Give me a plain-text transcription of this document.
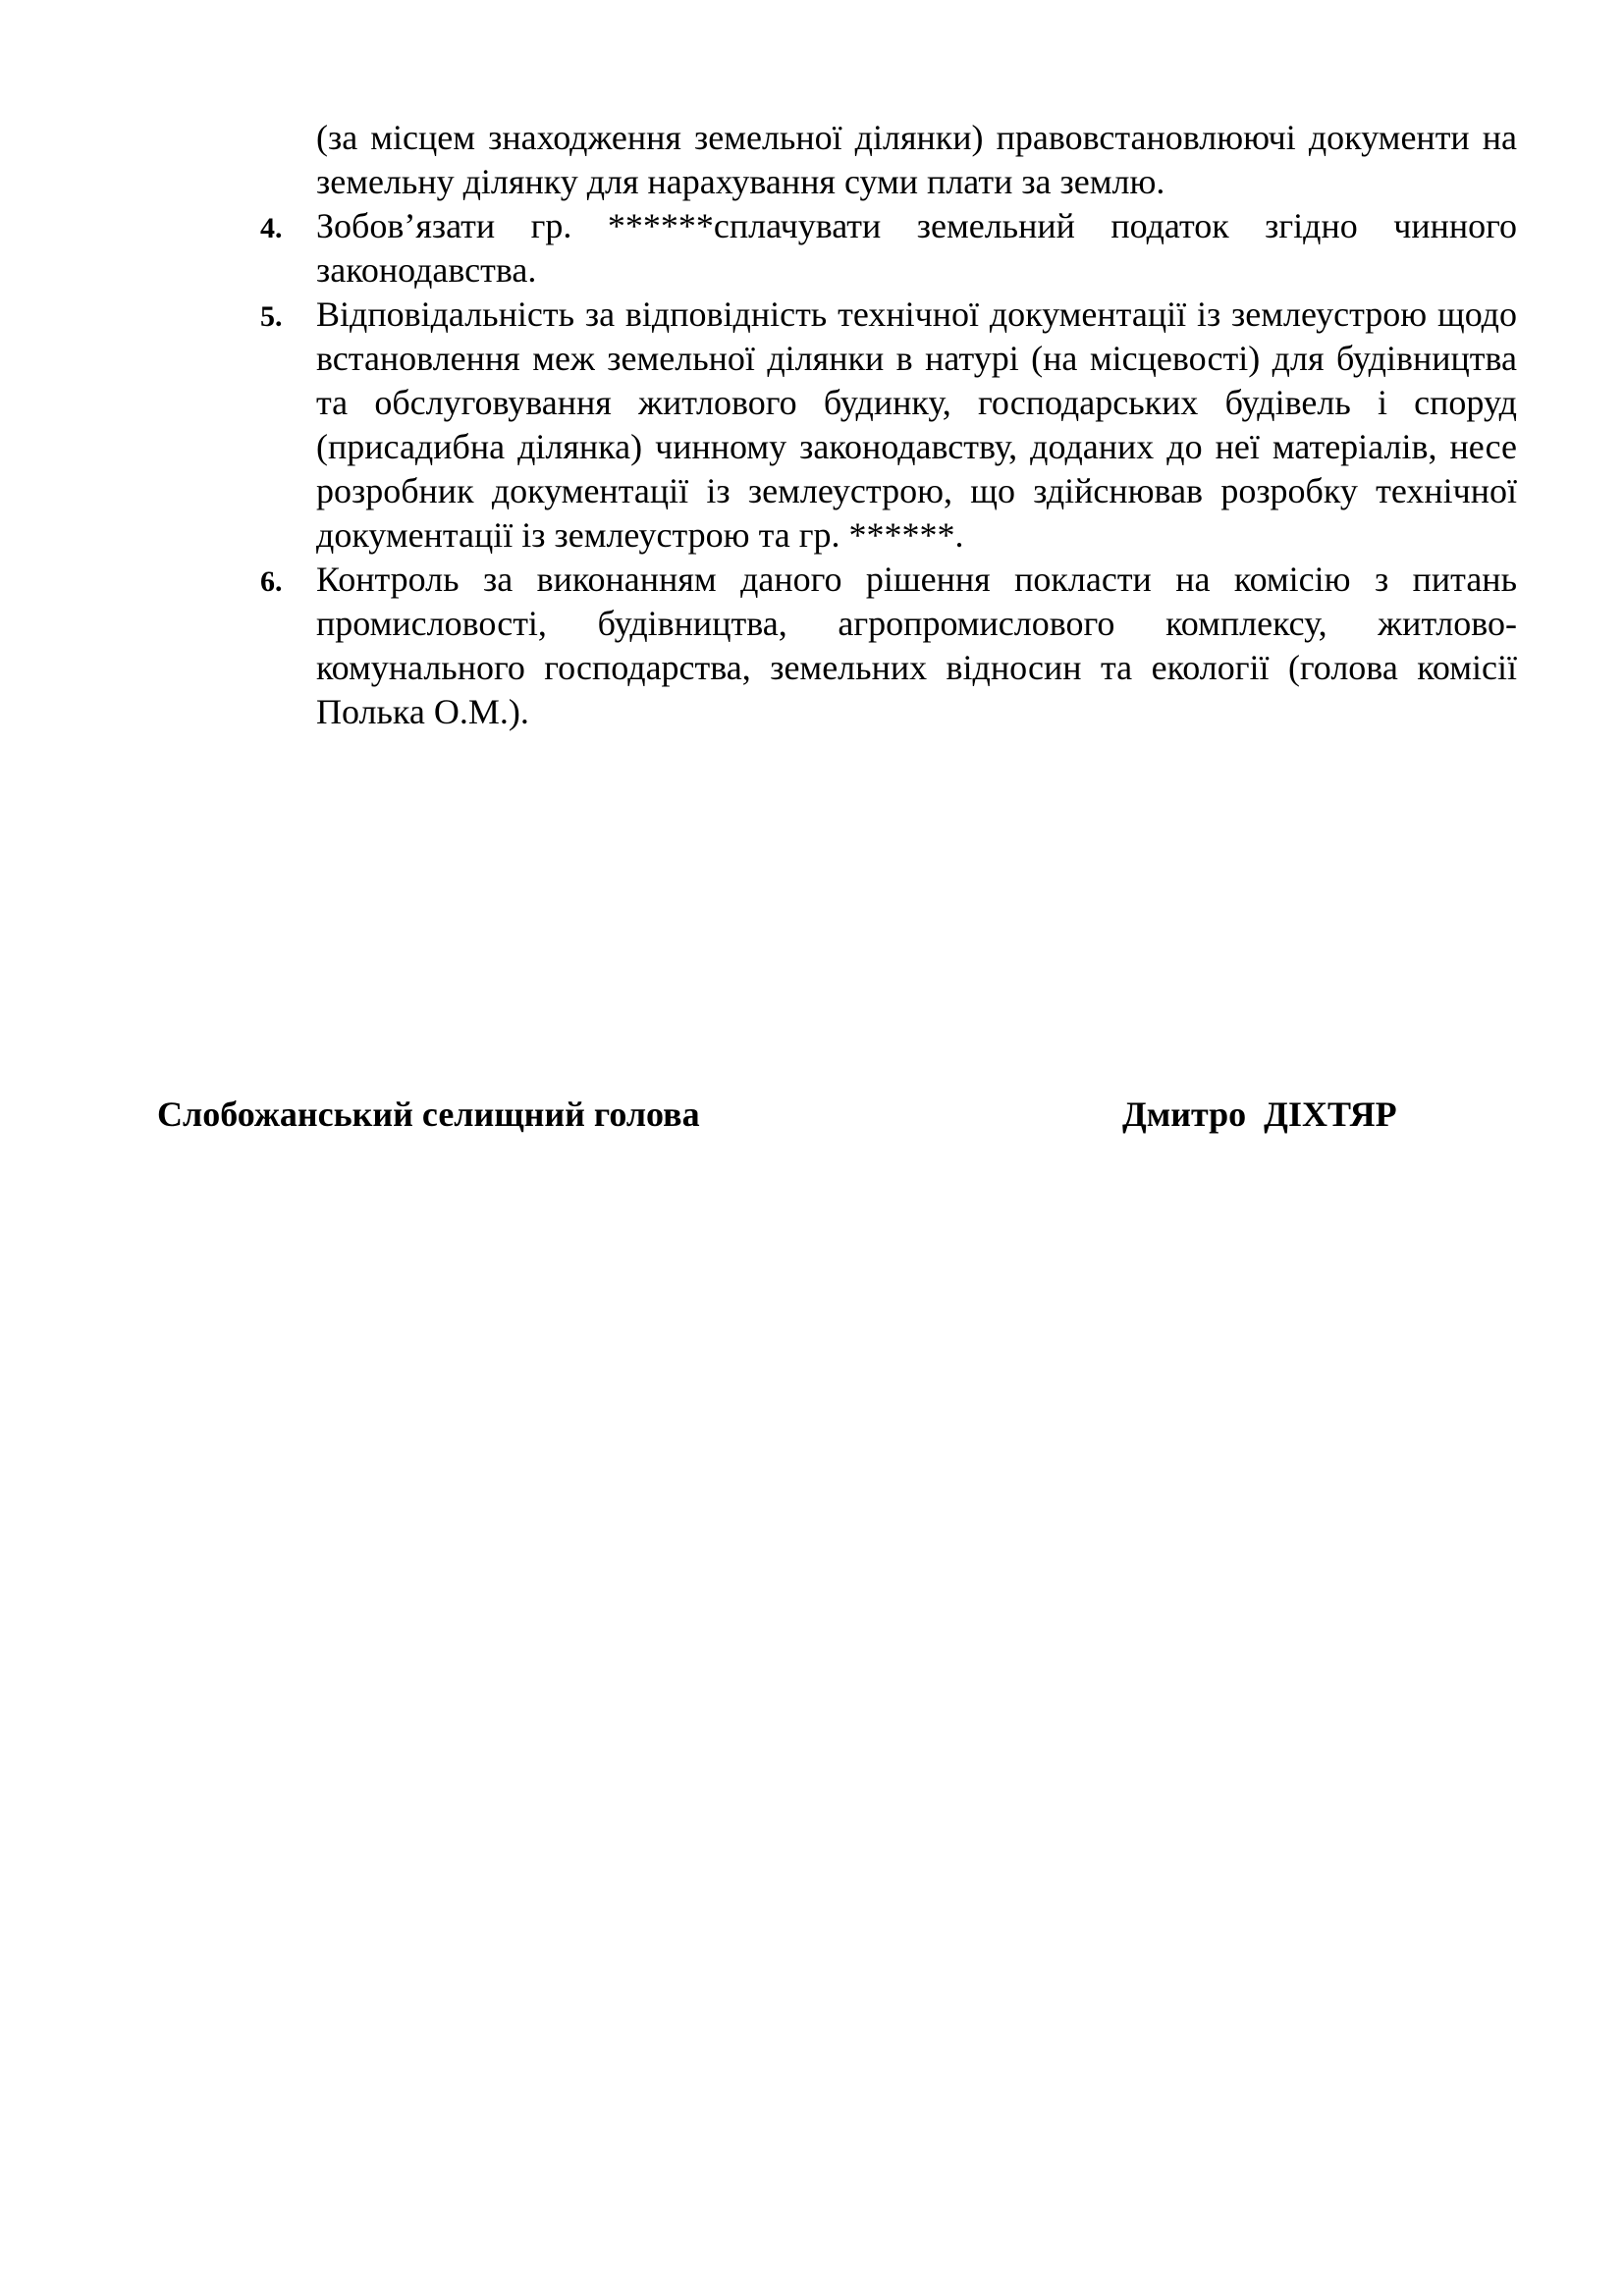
(за місцем знаходження земельної ділянки) правовстановлюючі документи на земельну ділянку для нарахування суми плати за землю.
4. Зобов’язати гр. ******сплачувати земельний податок згідно чинного законодавства.
5. Відповідальність за відповідність технічної документації із землеустрою щодо встановлення меж земельної ділянки в натурі (на місцевості) для будівництва та обслуговування житлового будинку, господарських будівель і споруд (присадибна ділянка) чинному законодавству, доданих до неї матеріалів, несе розробник документації із землеустрою, що здійснював розробку технічної документації із землеустрою та гр. ******.
6. Контроль за виконанням даного рішення покласти на комісію з питань промисловості, будівництва, агропромислового комплексу, житлово-комунального господарства, земельних відносин та екології (голова комісії Полька О.М.).
Слобожанський селищний голова	Дмитро  ДІХТЯР
